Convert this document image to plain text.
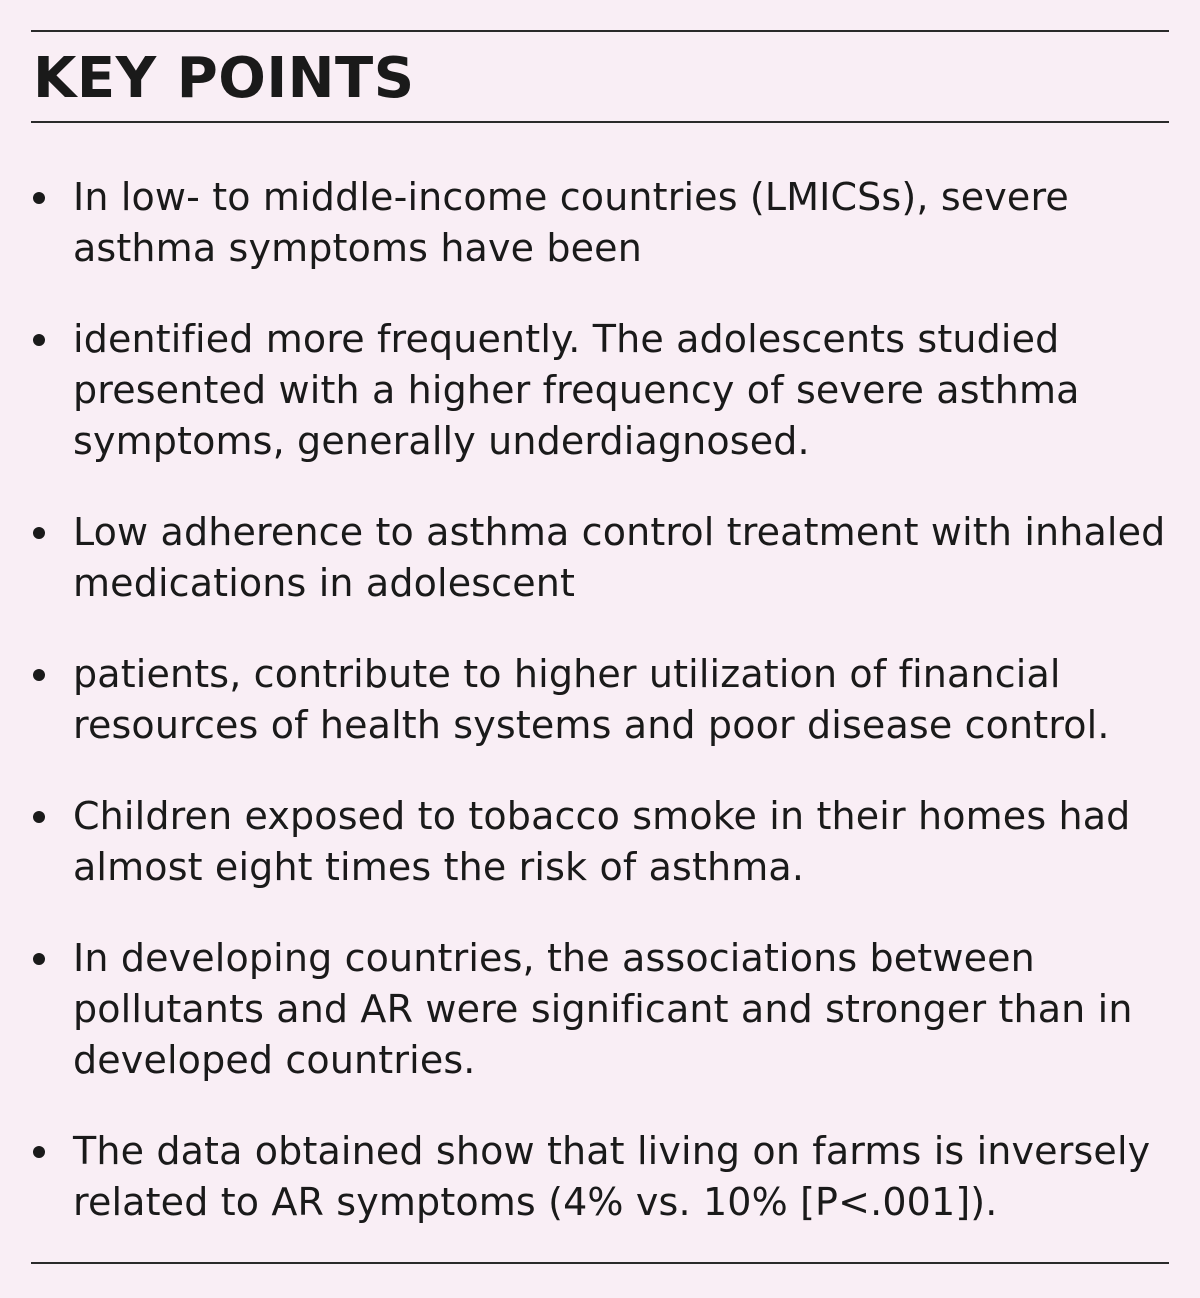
KEY POINTS
In low- to middle-income countries (LMICSs), severe asthma symptoms have been
identified more frequently. The adolescents studied presented with a higher frequency of severe asthma symptoms, generally underdiagnosed.
Low adherence to asthma control treatment with inhaled medications in adolescent
patients, contribute to higher utilization of financial resources of health systems and poor disease control.
Children exposed to tobacco smoke in their homes had almost eight times the risk of asthma.
In developing countries, the associations between pollutants and AR were significant and stronger than in developed countries.
The data obtained show that living on farms is inversely related to AR symptoms (4% vs. 10% [P<.001]).
